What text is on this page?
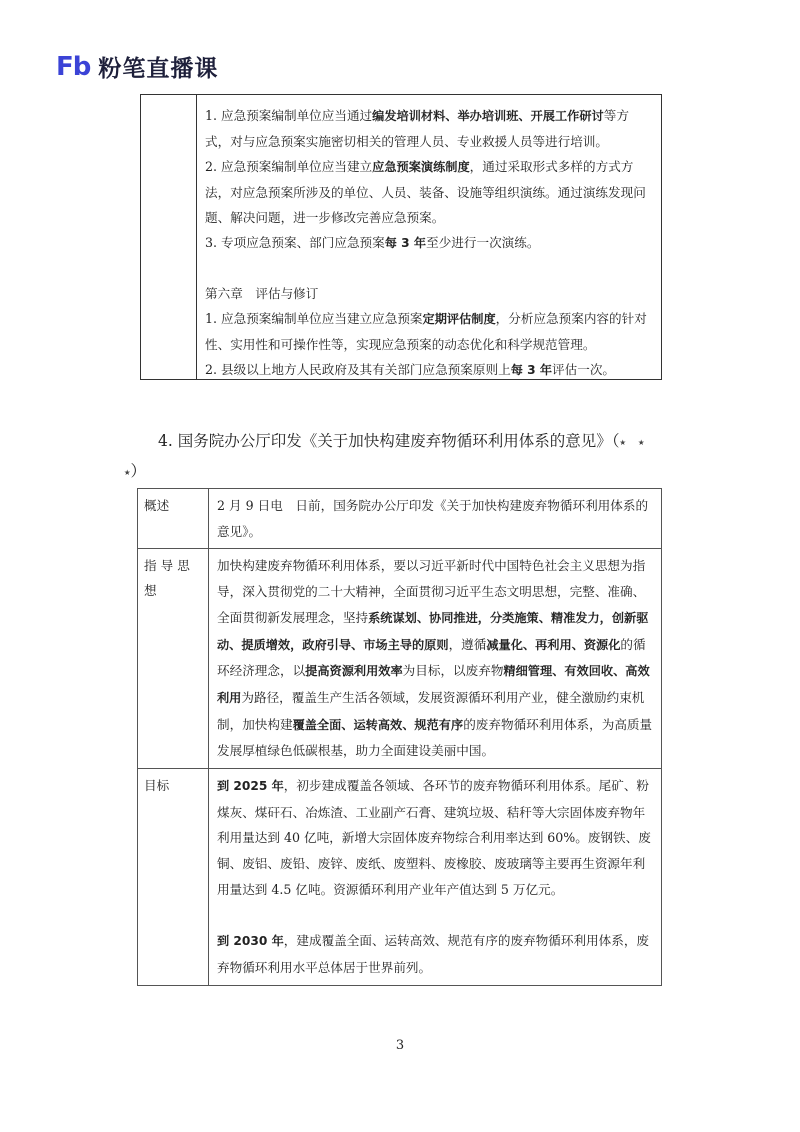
Fb 粉笔直播课

1. 应急预案编制单位应当通过编发培训材料、举办培训班、开展工作研讨等方式，对与应急预案实施密切相关的管理人员、专业救援人员等进行培训。

2. 应急预案编制单位应当建立应急预案演练制度，通过采取形式多样的方式方法，对应急预案所涉及的单位、人员、装备、设施等组织演练。通过演练发现问题、解决问题，进一步修改完善应急预案。

3. 专项应急预案、部门应急预案每 3 年至少进行一次演练。

第六章　评估与修订

1. 应急预案编制单位应当建立应急预案定期评估制度，分析应急预案内容的针对性、实用性和可操作性等，实现应急预案的动态优化和科学规范管理。

2. 县级以上地方人民政府及其有关部门应急预案原则上每 3 年评估一次。

4. 国务院办公厅印发《关于加快构建废弃物循环利用体系的意见》（⭑　⭑
⭑）
概述	2 月 9 日电　日前，国务院办公厅印发《关于加快构建废弃物循环利用体系的意见》。
指 导 思 想	加快构建废弃物循环利用体系，要以习近平新时代中国特色社会主义思想为指导，深入贯彻党的二十大精神，全面贯彻习近平生态文明思想，完整、准确、全面贯彻新发展理念，坚持系统谋划、协同推进，分类施策、精准发力，创新驱动、提质增效，政府引导、市场主导的原则，遵循减量化、再利用、资源化的循环经济理念，以提高资源利用效率为目标，以废弃物精细管理、有效回收、高效利用为路径，覆盖生产生活各领域，发展资源循环利用产业，健全激励约束机制，加快构建覆盖全面、运转高效、规范有序的废弃物循环利用体系，为高质量发展厚植绿色低碳根基，助力全面建设美丽中国。
目标	到 2025 年，初步建成覆盖各领域、各环节的废弃物循环利用体系。尾矿、粉煤灰、煤矸石、冶炼渣、工业副产石膏、建筑垃圾、秸秆等大宗固体废弃物年利用量达到 40 亿吨，新增大宗固体废弃物综合利用率达到 60%。废钢铁、废铜、废铝、废铅、废锌、废纸、废塑料、废橡胶、废玻璃等主要再生资源年利用量达到 4.5 亿吨。资源循环利用产业年产值达到 5 万亿元。
到 2030 年，建成覆盖全面、运转高效、规范有序的废弃物循环利用体系，废弃物循环利用水平总体居于世界前列。
3
